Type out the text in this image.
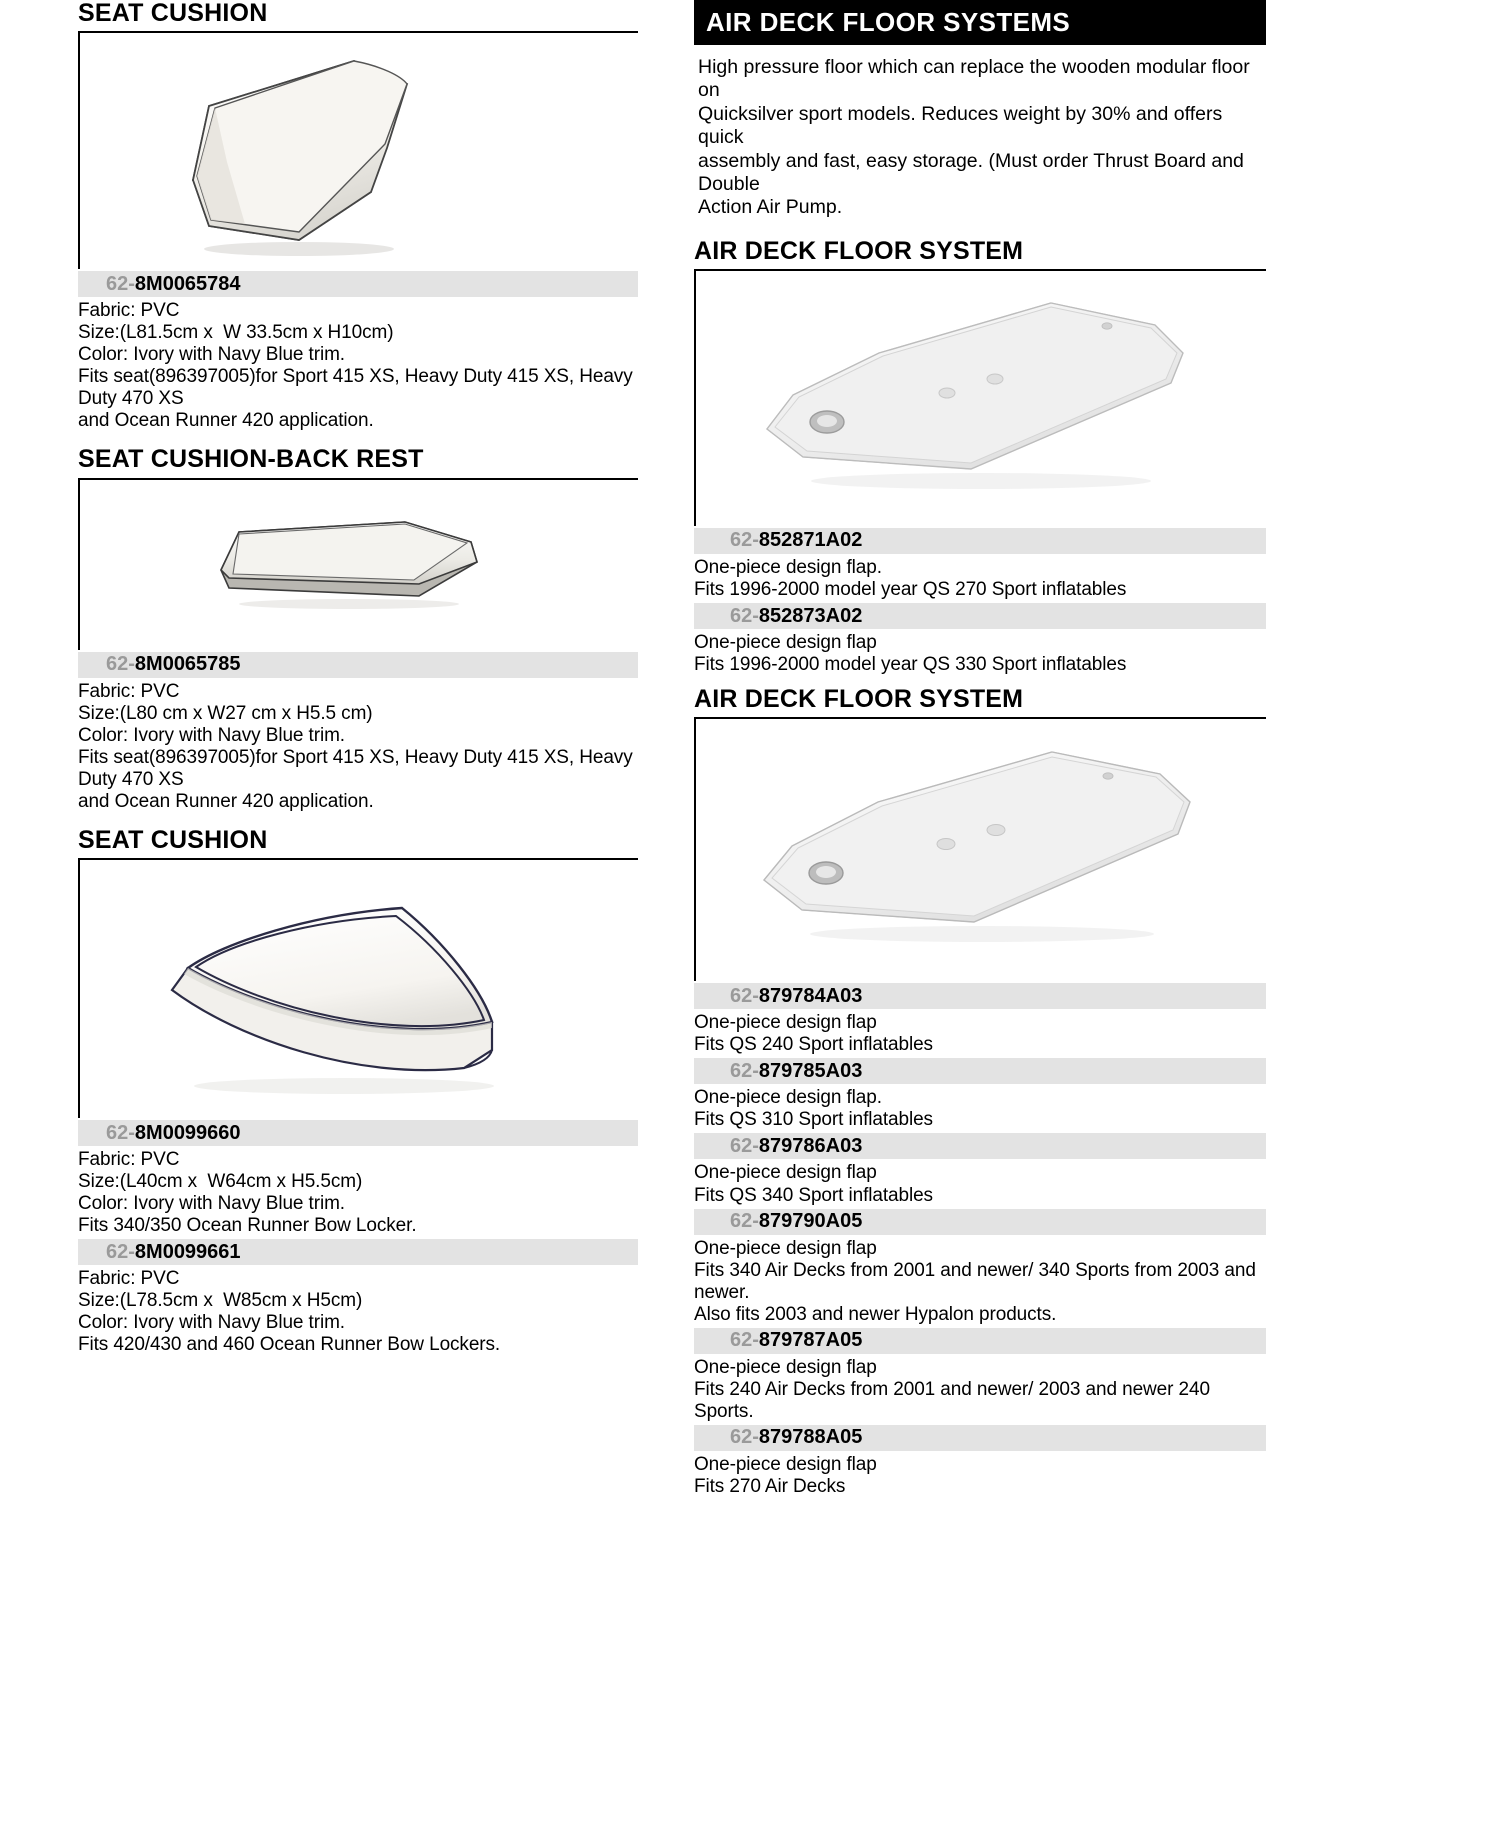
SEAT CUSHION
62- 8M0065784
Fabric: PVC
Size:(L81.5cm x  W 33.5cm x H10cm)
Color: Ivory with Navy Blue trim.
Fits seat(896397005)for Sport 415 XS, Heavy Duty 415 XS, Heavy Duty 470 XS
and Ocean Runner 420 application.
SEAT CUSHION-BACK REST
62- 8M0065785
Fabric: PVC
Size:(L80 cm x W27 cm x H5.5 cm)
Color: Ivory with Navy Blue trim.
Fits seat(896397005)for Sport 415 XS, Heavy Duty 415 XS, Heavy Duty 470 XS
and Ocean Runner 420 application.
SEAT CUSHION
62- 8M0099660
Fabric: PVC
Size:(L40cm x  W64cm x H5.5cm)
Color: Ivory with Navy Blue trim.
Fits 340/350 Ocean Runner Bow Locker.
62- 8M0099661
Fabric: PVC
Size:(L78.5cm x  W85cm x H5cm)
Color: Ivory with Navy Blue trim.
Fits 420/430 and 460 Ocean Runner Bow Lockers.
AIR DECK FLOOR SYSTEMS
High pressure floor which can replace the wooden modular floor on
Quicksilver sport models. Reduces weight by 30% and offers quick
assembly and fast, easy storage. (Must order Thrust Board and Double
Action Air Pump.
AIR DECK FLOOR SYSTEM
62- 852871A02
One-piece design flap.
Fits 1996-2000 model year QS 270 Sport inflatables
62- 852873A02
One-piece design flap
Fits 1996-2000 model year QS 330 Sport inflatables
AIR DECK FLOOR SYSTEM
62- 879784A03
One-piece design flap
Fits QS 240 Sport inflatables
62- 879785A03
One-piece design flap.
Fits QS 310 Sport inflatables
62- 879786A03
One-piece design flap
Fits QS 340 Sport inflatables
62- 879790A05
One-piece design flap
Fits 340 Air Decks from 2001 and newer/ 340 Sports from 2003 and newer.
Also fits 2003 and newer Hypalon products.
62- 879787A05
One-piece design flap
Fits 240 Air Decks from 2001 and newer/ 2003 and newer 240 Sports.
62- 879788A05
One-piece design flap
Fits 270 Air Decks
